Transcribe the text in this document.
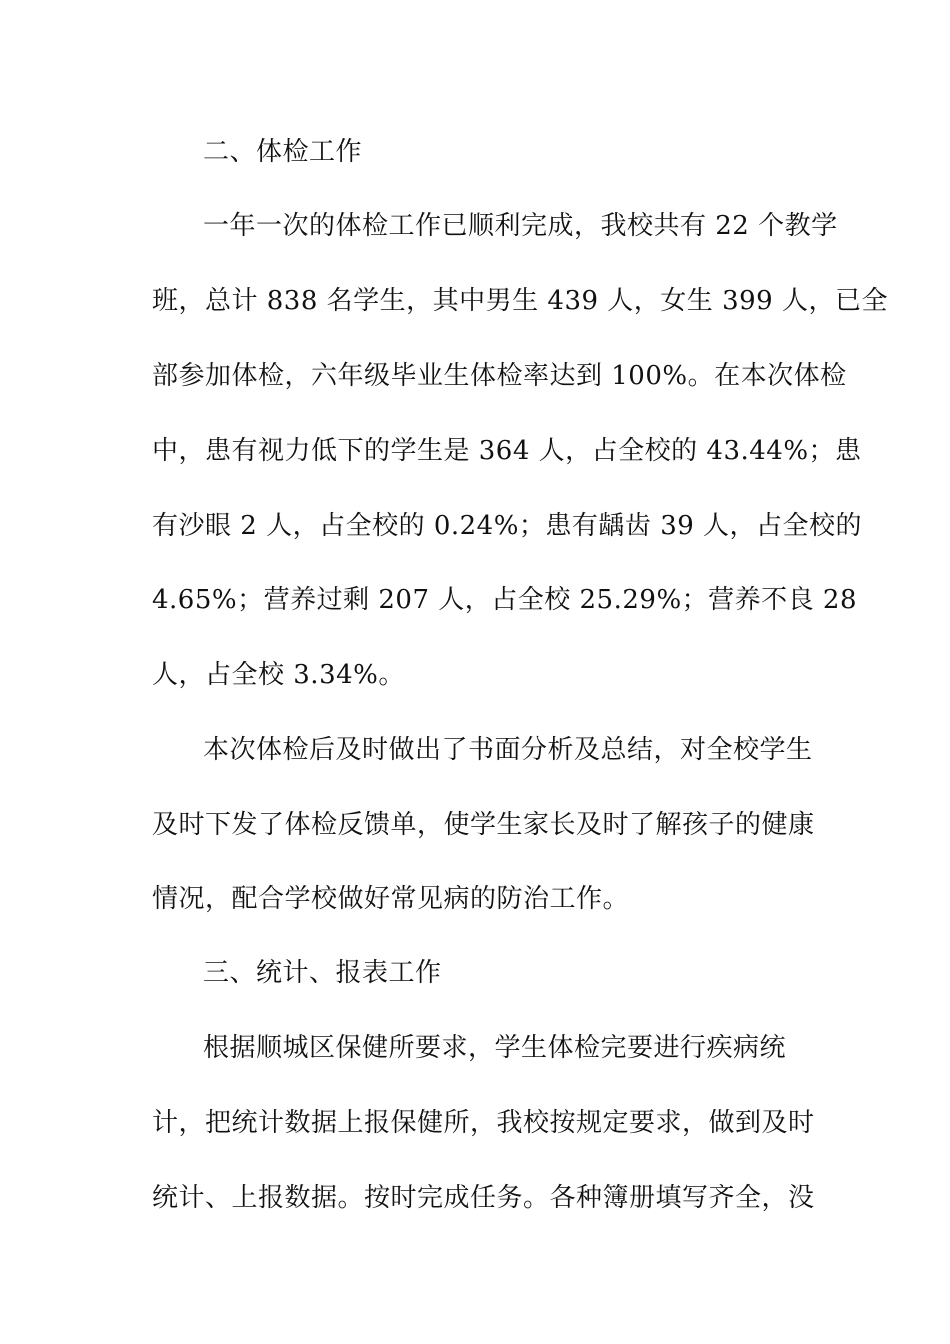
二、体检工作
一年一次的体检工作已顺利完成，我校共有 22 个教学
班，总计 838 名学生，其中男生 439 人，女生 399 人，已全
部参加体检，六年级毕业生体检率达到 100%。在本次体检
中，患有视力低下的学生是 364 人，占全校的 43.44%；患
有沙眼 2 人，占全校的 0.24%；患有龋齿 39 人，占全校的
4.65%；营养过剩 207 人，占全校 25.29%；营养不良 28
人，占全校 3.34%。
本次体检后及时做出了书面分析及总结，对全校学生
及时下发了体检反馈单，使学生家长及时了解孩子的健康
情况，配合学校做好常见病的防治工作。
三、统计、报表工作
根据顺城区保健所要求，学生体检完要进行疾病统
计，把统计数据上报保健所，我校按规定要求，做到及时
统计、上报数据。按时完成任务。各种簿册填写齐全，没
